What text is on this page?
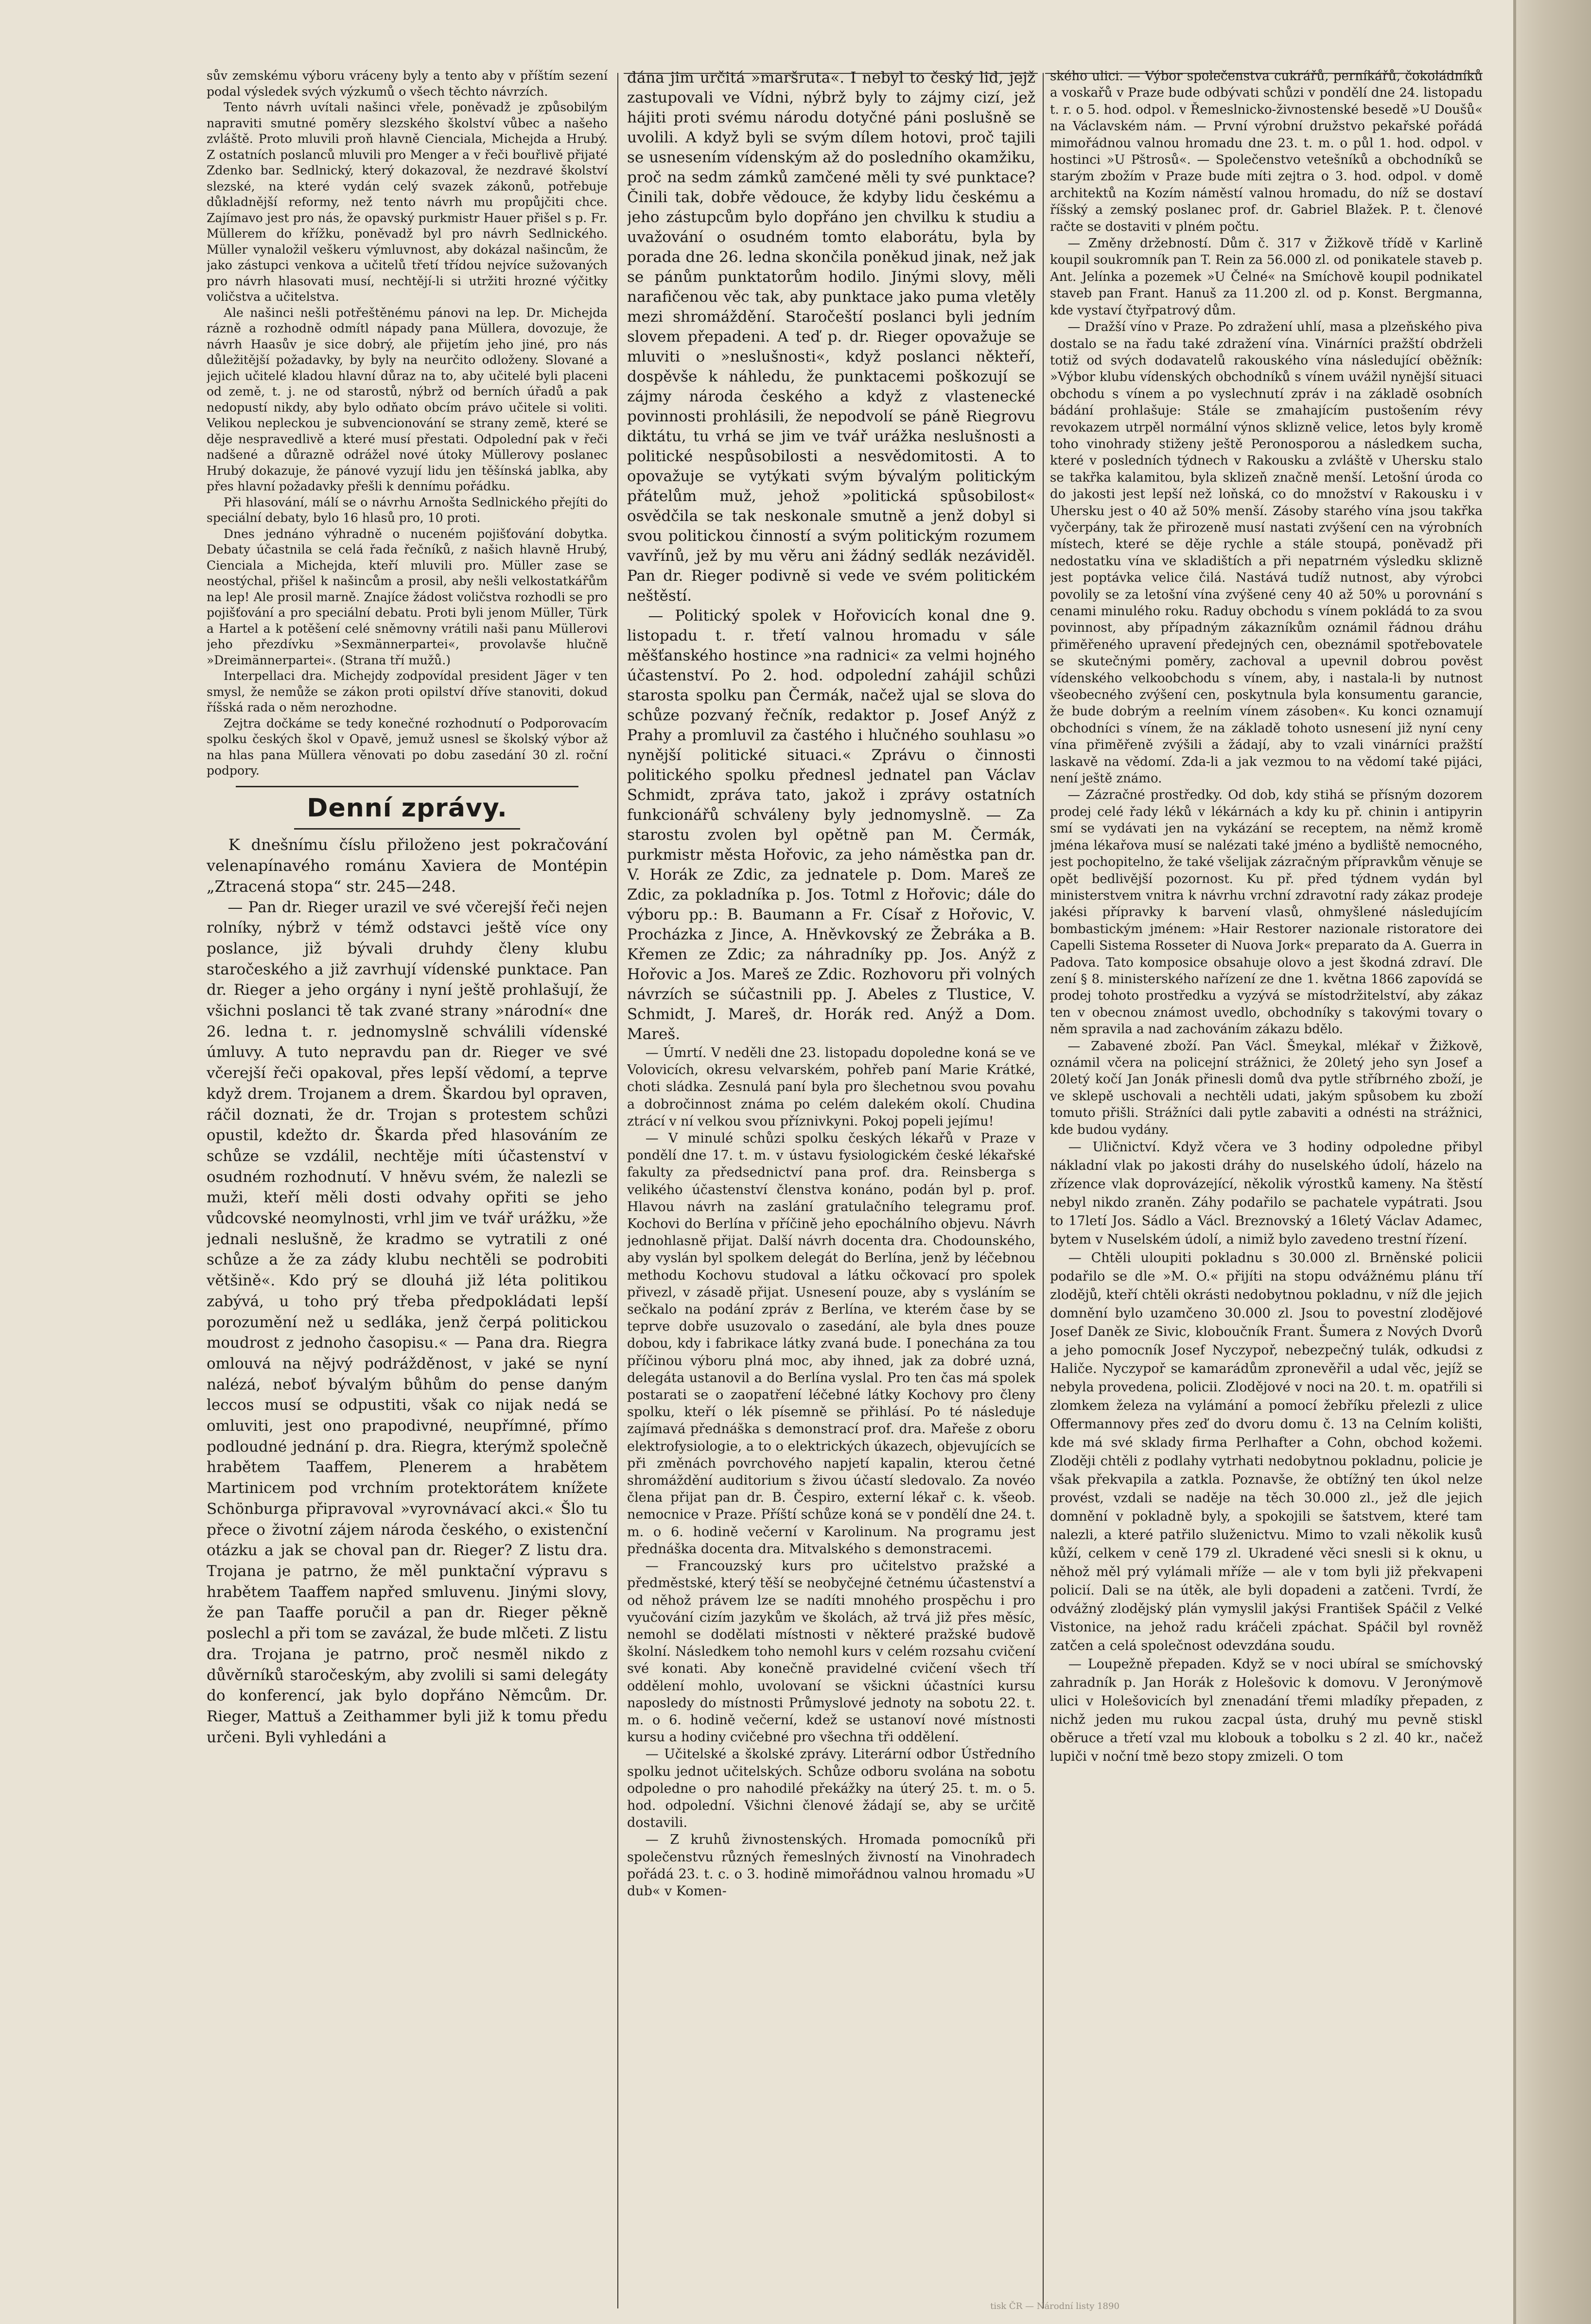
sův zemskému výboru vráceny byly a tento aby v příštím sezení podal výsledek svých výzkumů o všech těchto návrzích.

Tento návrh uvítali našinci vřele, poněvadž je způsobilým napraviti smutné poměry slezského školství vůbec a našeho zvláště. Proto mluvili proň hlavně Cienciala, Michejda a Hrubý. Z ostatních poslanců mluvili pro Menger a v řeči bouřlivě přijaté Zdenko bar. Sedlnický, který dokazoval, že nezdravé školství slezské, na které vydán celý svazek zákonů, potřebuje důkladnější reformy, než tento návrh mu propůjčiti chce. Zajímavo jest pro nás, že opavský purkmistr Hauer přišel s p. Fr. Müllerem do křížku, poněvadž byl pro návrh Sedlnického. Müller vynaložil veškeru výmluvnost, aby dokázal našincům, že jako zástupci venkova a učitelů třetí třídou nejvíce sužovaných pro návrh hlasovati musí, nechtějí-li si utržiti hrozné výčitky voličstva a učitelstva.

Ale našinci nešli potřeštěnému pánovi na lep. Dr. Michejda rázně a rozhodně odmítl nápady pana Müllera, dovozuje, že návrh Haasův je sice dobrý, ale přijetím jeho jiné, pro nás důležitější požadavky, by byly na neurčito odloženy. Slované a jejich učitelé kladou hlavní důraz na to, aby učitelé byli placeni od země, t. j. ne od starostů, nýbrž od berních úřadů a pak nedopustí nikdy, aby bylo odňato obcím právo učitele si voliti. Velikou nepleckou je subvencionování se strany země, které se děje nespravedlivě a které musí přestati. Odpolední pak v řeči nadšené a důrazně odrážel nové útoky Müllerovy poslanec Hrubý dokazuje, že pánové vyzují lidu jen těšínská jablka, aby přes hlavní požadavky přešli k dennímu pořádku.

Při hlasování, málí se o návrhu Arnošta Sedlnického přejíti do speciální debaty, bylo 16 hlasů pro, 10 proti.

Dnes jednáno výhradně o nuceném pojišťování dobytka. Debaty účastnila se celá řada řečníků, z našich hlavně Hrubý, Cienciala a Michejda, kteří mluvili pro. Müller zase se neostýchal, přišel k našincům a prosil, aby nešli velkostatkářům na lep! Ale prosil marně. Znajíce žádost voličstva rozhodli se pro pojišťování a pro speciální debatu. Proti byli jenom Müller, Türk a Hartel a k potěšení celé sněmovny vrátili naši panu Müllerovi jeho přezdívku »Sexmännerpartei«, provolavše hlučně »Dreimännerpartei«. (Strana tří mužů.)

Interpellaci dra. Michejdy zodpovídal president Jäger v ten smysl, že nemůže se zákon proti opilství dříve stanoviti, dokud říšská rada o něm nerozhodne.

Zejtra dočkáme se tedy konečné rozhodnutí o Podporovacím spolku českých škol v Opavě, jemuž usnesl se školský výbor až na hlas pana Müllera věnovati po dobu zasedání 30 zl. roční podpory.

Denní zprávy.

K dnešnímu číslu přiloženo jest pokračování velenapínavého románu Xaviera de Montépin „Ztracená stopa“ str. 245—248.

— Pan dr. Rieger urazil ve své včerejší řeči nejen rolníky, nýbrž v témž odstavci ještě více ony poslance, již bývali druhdy členy klubu staročeského a již zavrhují vídenské punktace. Pan dr. Rieger a jeho orgány i nyní ještě prohlašují, že všichni poslanci tě tak zvané strany »národní« dne 26. ledna t. r. jednomyslně schválili vídenské úmluvy. A tuto nepravdu pan dr. Rieger ve své včerejší řeči opakoval, přes lepší vědomí, a teprve když drem. Trojanem a drem. Škardou byl opraven, ráčil doznati, že dr. Trojan s protestem schůzi opustil, kdežto dr. Škarda před hlasováním ze schůze se vzdálil, nechtěje míti účastenství v osudném rozhodnutí. V hněvu svém, že nalezli se muži, kteří měli dosti odvahy opřiti se jeho vůdcovské neomylnosti, vrhl jim ve tvář urážku, »že jednali neslušně, že kradmo se vytratili z oné schůze a že za zády klubu nechtěli se podrobiti většině«. Kdo prý se dlouhá již léta politikou zabývá, u toho prý třeba předpokládati lepší porozumění než u sedláka, jenž čerpá politickou moudrost z jednoho časopisu.« — Pana dra. Riegra omlouvá na nějvý podrážděnost, v jaké se nyní nalézá, neboť bývalým bůhům do pense daným leccos musí se odpustiti, však co nijak nedá se omluviti, jest ono prapodivné, neupřímné, přímo podloudné jednání p. dra. Riegra, kterýmž společně hrabětem Taaffem, Plenerem a hrabětem Martinicem pod vrchním protektorátem knížete Schönburga připravoval »vyrovnávací akci.« Šlo tu přece o životní zájem národa českého, o existenční otázku a jak se choval pan dr. Rieger? Z listu dra. Trojana je patrno, že měl punktační výpravu s hrabětem Taaffem napřed smluvenu. Jinými slovy, že pan Taaffe poručil a pan dr. Rieger pěkně poslechl a při tom se zavázal, že bude mlčeti. Z listu dra. Trojana je patrno, proč nesměl nikdo z důvěrníků staročeským, aby zvolili si sami delegáty do konferencí, jak bylo dopřáno Němcům. Dr. Rieger, Mattuš a Zeithammer byli již k tomu předu určeni. Byli vyhledáni a

dána jim určitá »maršruta«. I nebyl to český lid, jejž zastupovali ve Vídni, nýbrž byly to zájmy cizí, jež hájiti proti svému národu dotyčné páni poslušně se uvolili. A když byli se svým dílem hotovi, proč tajili se usnesením vídenským až do posledního okamžiku, proč na sedm zámků zamčené měli ty své punktace? Činili tak, dobře vědouce, že kdyby lidu českému a jeho zástupcům bylo dopřáno jen chvilku k studiu a uvažování o osudném tomto elaborátu, byla by porada dne 26. ledna skončila poněkud jinak, než jak se pánům punktatorům hodilo. Jinými slovy, měli narafičenou věc tak, aby punktace jako puma vletěly mezi shromáždění. Staročeští poslanci byli jedním slovem přepadeni. A teď p. dr. Rieger opovažuje se mluviti o »neslušnosti«, když poslanci někteří, dospěvše k náhledu, že punktacemi poškozují se zájmy národa českého a když z vlastenecké povinnosti prohlásili, že nepodvolí se páně Riegrovu diktátu, tu vrhá se jim ve tvář urážka neslušnosti a politické nespůsobilosti a nesvědomitosti. A to opovažuje se vytýkati svým bývalým politickým přátelům muž, jehož »politická spůsobilost« osvědčila se tak neskonale smutně a jenž dobyl si svou politickou činností a svým politickým rozumem vavřínů, jež by mu věru ani žádný sedlák nezáviděl. Pan dr. Rieger podivně si vede ve svém politickém neštěstí.

— Politický spolek v Hořovicích konal dne 9. listopadu t. r. třetí valnou hromadu v sále měšťanského hostince »na radnici« za velmi hojného účastenství. Po 2. hod. odpolední zahájil schůzi starosta spolku pan Čermák, načež ujal se slova do schůze pozvaný řečník, redaktor p. Josef Anýž z Prahy a promluvil za častého i hlučného souhlasu »o nynější politické situaci.« Zprávu o činnosti politického spolku přednesl jednatel pan Václav Schmidt, zpráva tato, jakož i zprávy ostatních funkcionářů schváleny byly jednomyslně. — Za starostu zvolen byl opětně pan M. Čermák, purkmistr města Hořovic, za jeho náměstka pan dr. V. Horák ze Zdic, za jednatele p. Dom. Mareš ze Zdic, za pokladníka p. Jos. Totml z Hořovic; dále do výboru pp.: B. Baumann a Fr. Císař z Hořovic, V. Procházka z Jince, A. Hněvkovský ze Žebráka a B. Křemen ze Zdic; za náhradníky pp. Jos. Anýž z Hořovic a Jos. Mareš ze Zdic. Rozhovoru při volných návrzích se súčastnili pp. J. Abeles z Tlustice, V. Schmidt, J. Mareš, dr. Horák red. Anýž a Dom. Mareš.

— Úmrtí. V neděli dne 23. listopadu dopoledne koná se ve Volovicích, okresu velvarském, pohřeb paní Marie Krátké, choti sládka. Zesnulá paní byla pro šlechetnou svou povahu a dobročinnost známa po celém dalekém okolí. Chudina ztrácí v ní velkou svou příznivkyni. Pokoj popeli jejímu!

— V minulé schůzi spolku českých lékařů v Praze v pondělí dne 17. t. m. v ústavu fysiologickém české lékařské fakulty za předsednictví pana prof. dra. Reinsberga s velikého účastenství členstva konáno, podán byl p. prof. Hlavou návrh na zaslání gratulačního telegramu prof. Kochovi do Berlína v příčině jeho epochálního objevu. Návrh jednohlasně přijat. Další návrh docenta dra. Chodounského, aby vyslán byl spolkem delegát do Berlína, jenž by léčebnou methodu Kochovu studoval a látku očkovací pro spolek přivezl, v zásadě přijat. Usnesení pouze, aby s vysláním se sečkalo na podání zpráv z Berlína, ve kterém čase by se teprve dobře usuzovalo o zasedání, ale byla dnes pouze dobou, kdy i fabrikace látky zvaná bude. I ponechána za tou příčinou výboru plná moc, aby ihned, jak za dobré uzná, delegáta ustanovil a do Berlína vyslal. Pro ten čas má spolek postarati se o zaopatření léčebné látky Kochovy pro členy spolku, kteří o lék písemně se přihlásí. Po té následuje zajímavá přednáška s demonstrací prof. dra. Mařeše z oboru elektrofysiologie, a to o elektrických úkazech, objevujících se při změnách povrchového napjetí kapalin, kterou četné shromáždění auditorium s živou účastí sledovalo. Za novéo člena přijat pan dr. B. Čespiro, externí lékař c. k. všeob. nemocnice v Praze. Příští schůze koná se v pondělí dne 24. t. m. o 6. hodině večerní v Karolinum. Na programu jest přednáška docenta dra. Mitvalského s demonstracemi.

— Francouzský kurs pro učitelstvo pražské a předměstské, který těší se neobyčejné četnému účastenství a od něhož právem lze se nadíti mnohého prospěchu i pro vyučování cizím jazykům ve školách, až trvá již přes měsíc, nemohl se dodělati místnosti v některé pražské budově školní. Následkem toho nemohl kurs v celém rozsahu cvičení své konati. Aby konečně pravidelné cvičení všech tří oddělení mohlo, uvolovaní se všickni účastníci kursu naposledy do místnosti Průmyslové jednoty na sobotu 22. t. m. o 6. hodině večerní, kdež se ustanoví nové místnosti kursu a hodiny cvičebné pro všechna tři oddělení.

— Učitelské a školské zprávy. Literární odbor Ústředního spolku jednot učitelských. Schůze odboru svolána na sobotu odpoledne o pro nahodilé překážky na úterý 25. t. m. o 5. hod. odpolední. Všichni členové žádají se, aby se určitě dostavili.

— Z kruhů živnostenských. Hromada pomocníků při společenstvu různých řemeslných živností na Vinohradech pořádá 23. t. c. o 3. hodině mimořádnou valnou hromadu »U dub« v Komen-

ského ulici. — Výbor společenstva cukrářů, perníkářů, čokoládníků a voskařů v Praze bude odbývati schůzi v pondělí dne 24. listopadu t. r. o 5. hod. odpol. v Řemeslnicko-živnostenské besedě »U Doušů« na Václavském nám. — První výrobní družstvo pekařské pořádá mimořádnou valnou hromadu dne 23. t. m. o půl 1. hod. odpol. v hostinci »U Pštrosů«. — Společenstvo vetešníků a obchodníků se starým zbožím v Praze bude míti zejtra o 3. hod. odpol. v domě architektů na Kozím náměstí valnou hromadu, do níž se dostaví říšský a zemský poslanec prof. dr. Gabriel Blažek. P. t. členové račte se dostaviti v plném počtu.

— Změny držebností. Dům č. 317 v Žižkově třídě v Karlině koupil soukromník pan T. Rein za 56.000 zl. od ponikatele staveb p. Ant. Jelínka a pozemek »U Čelné« na Smíchově koupil podnikatel staveb pan Frant. Hanuš za 11.200 zl. od p. Konst. Bergmanna, kde vystaví čtyřpatrový dům.

— Dražší víno v Praze. Po zdražení uhlí, masa a plzeňského piva dostalo se na řadu také zdražení vína. Vinárníci pražští obdrželi totiž od svých dodavatelů rakouského vína následující oběžník: »Výbor klubu vídenských obchodníků s vínem uvážil nynější situaci obchodu s vínem a po vyslechnutí zpráv i na základě osobních bádání prohlašuje: Stále se zmahajícím pustošením révy revokazem utrpěl normální výnos sklizně velice, letos byly kromě toho vinohrady stiženy ještě Peronosporou a následkem sucha, které v posledních týdnech v Rakousku a zvláště v Uhersku stalo se takřka kalamitou, byla sklizeň značně menší. Letošní úroda co do jakosti jest lepší než loňská, co do množství v Rakousku i v Uhersku jest o 40 až 50% menší. Zásoby starého vína jsou takřka vyčerpány, tak že přirozeně musí nastati zvýšení cen na výrobních místech, které se děje rychle a stále stoupá, poněvadž při nedostatku vína ve skladištích a při nepatrném výsledku sklizně jest poptávka velice čilá. Nastává tudíž nutnost, aby výrobci povolily se za letošní vína zvýšené ceny 40 až 50% u porovnání s cenami minulého roku. Raduy obchodu s vínem pokládá to za svou povinnost, aby případným zákazníkům oznámil řádnou dráhu přiměřeného upravení předejných cen, obeznámil spotřebovatele se skutečnými poměry, zachoval a upevnil dobrou pověst vídenského velkoobchodu s vínem, aby, i nastala-li by nutnost všeobecného zvýšení cen, poskytnula byla konsumentu garancie, že bude dobrým a reelním vínem zásoben«. Ku konci oznamují obchodníci s vínem, že na základě tohoto usnesení již nyní ceny vína přiměřeně zvýšili a žádají, aby to vzali vinárníci pražští laskavě na vědomí. Zda-li a jak vezmou to na vědomí také pijáci, není ještě známo.

— Zázračné prostředky. Od dob, kdy stihá se přísným dozorem prodej celé řady léků v lékárnách a kdy ku př. chinin i antipyrin smí se vydávati jen na vykázání se receptem, na němž kromě jména lékařova musí se nalézati také jméno a bydliště nemocného, jest pochopitelno, že také všelijak zázračným přípravkům věnuje se opět bedlivější pozornost. Ku př. před týdnem vydán byl ministerstvem vnitra k návrhu vrchní zdravotní rady zákaz prodeje jakési přípravky k barvení vlasů, ohmyšlené následujícím bombastickým jménem: »Hair Restorer nazionale ristoratore dei Capelli Sistema Rosseter di Nuova Jork« preparato da A. Guerra in Padova. Tato komposice obsahuje olovo a jest škodná zdraví. Dle zení § 8. ministerského nařízení ze dne 1. května 1866 zapovídá se prodej tohoto prostředku a vyzývá se místodržitelství, aby zákaz ten v obecnou známost uvedlo, obchodníky s takovými tovary o něm spravila a nad zachováním zákazu bdělo.

— Zabavené zboží. Pan Václ. Šmeykal, mlékař v Žižkově, oznámil včera na policejní strážnici, že 20letý jeho syn Josef a 20letý kočí Jan Jonák přinesli domů dva pytle stříbrného zboží, je ve sklepě uschovali a nechtěli udati, jakým spůsobem ku zboží tomuto přišli. Strážníci dali pytle zabaviti a odnésti na strážnici, kde budou vydány.

— Uličnictví. Když včera ve 3 hodiny odpoledne přibyl nákladní vlak po jakosti dráhy do nuselského údolí, házelo na zřízence vlak doprovázející, několik výrostků kameny. Na štěstí nebyl nikdo zraněn. Záhy podařilo se pachatele vypátrati. Jsou to 17letí Jos. Sádlo a Václ. Breznovský a 16letý Václav Adamec, bytem v Nuselském údolí, a nimiž bylo zavedeno trestní řízení.

— Chtěli uloupiti pokladnu s 30.000 zl. Brněnské policii podařilo se dle »M. O.« přijíti na stopu odvážnému plánu tří zlodějů, kteří chtěli okrásti nedobytnou pokladnu, v níž dle jejich domnění bylo uzamčeno 30.000 zl. Jsou to povestní zlodějové Josef Daněk ze Sivic, kloboučník Frant. Šumera z Nových Dvorů a jeho pomocník Josef Nyczypoř, nebezpečný tulák, odkudsi z Haliče. Nyczypoř se kamarádům zpronevěřil a udal věc, jejíž se nebyla provedena, policii. Zlodějové v noci na 20. t. m. opatřili si zlomkem železa na vylámání a pomocí žebříku přelezli z ulice Offermannovy přes zeď do dvoru domu č. 13 na Celním kolišti, kde má své sklady firma Perlhafter a Cohn, obchod kožemi. Zloději chtěli z podlahy vytrhati nedobytnou pokladnu, policie je však překvapila a zatkla. Poznavše, že obtížný ten úkol nelze provést, vzdali se naděje na těch 30.000 zl., jež dle jejich domnění v pokladně byly, a spokojili se šatstvem, které tam nalezli, a které patřilo služenictvu. Mimo to vzali několik kusů kůží, celkem v ceně 179 zl. Ukradené věci snesli si k oknu, u něhož měl prý vylámali mříže — ale v tom byli již překvapeni policií. Dali se na útěk, ale byli dopadeni a zatčeni. Tvrdí, že odvážný zlodějský plán vymyslil jakýsi František Spáčil z Velké Vistonice, na jehož radu kráčeli zpáchat. Spáčil byl rovněž zatčen a celá společnost odevzdána soudu.

— Loupežně přepaden. Když se v noci ubíral se smíchovský zahradník p. Jan Horák z Holešovic k domovu. V Jeronýmově ulici v Holešovicích byl znenadání třemi mladíky přepaden, z nichž jeden mu rukou zacpal ústa, druhý mu pevně stiskl oběruce a třetí vzal mu klobouk a tobolku s 2 zl. 40 kr., načež lupiči v noční tmě bezo stopy zmizeli. O tom

tisk ČR — Národní listy 1890
